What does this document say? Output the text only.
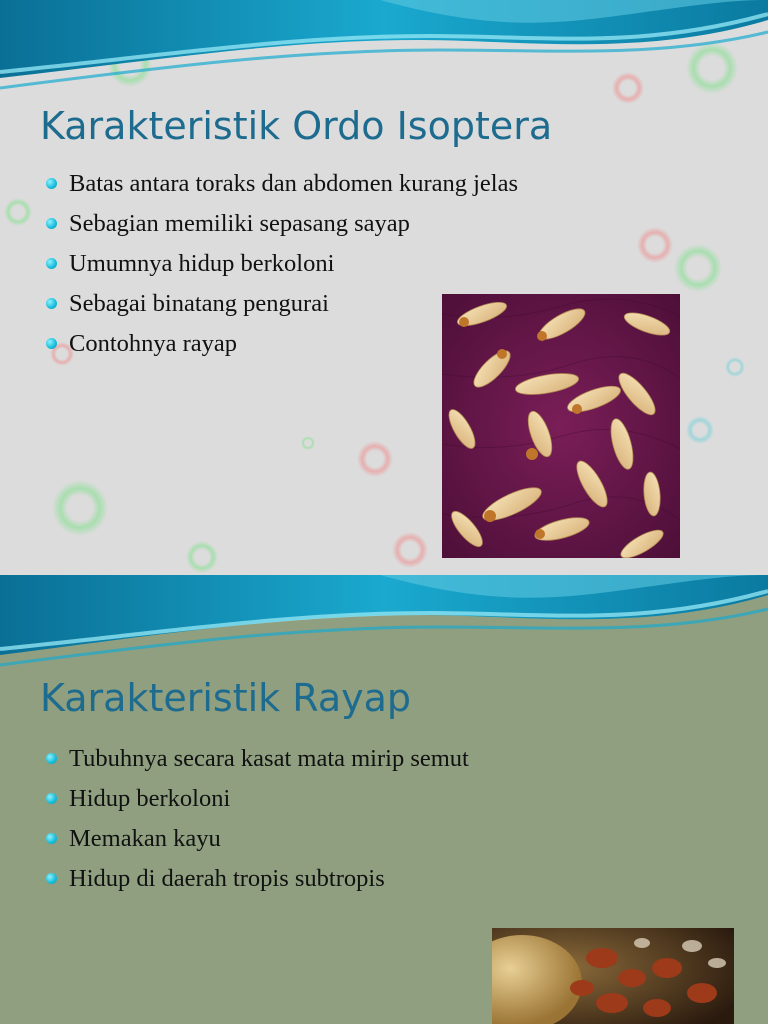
Karakteristik Ordo Isoptera
Batas antara toraks dan abdomen kurang jelas
Sebagian memiliki sepasang sayap
Umumnya hidup berkoloni
Sebagai binatang pengurai
Contohnya rayap
Karakteristik Rayap
Tubuhnya secara kasat mata mirip semut
Hidup berkoloni
Memakan kayu
Hidup di daerah tropis subtropis
